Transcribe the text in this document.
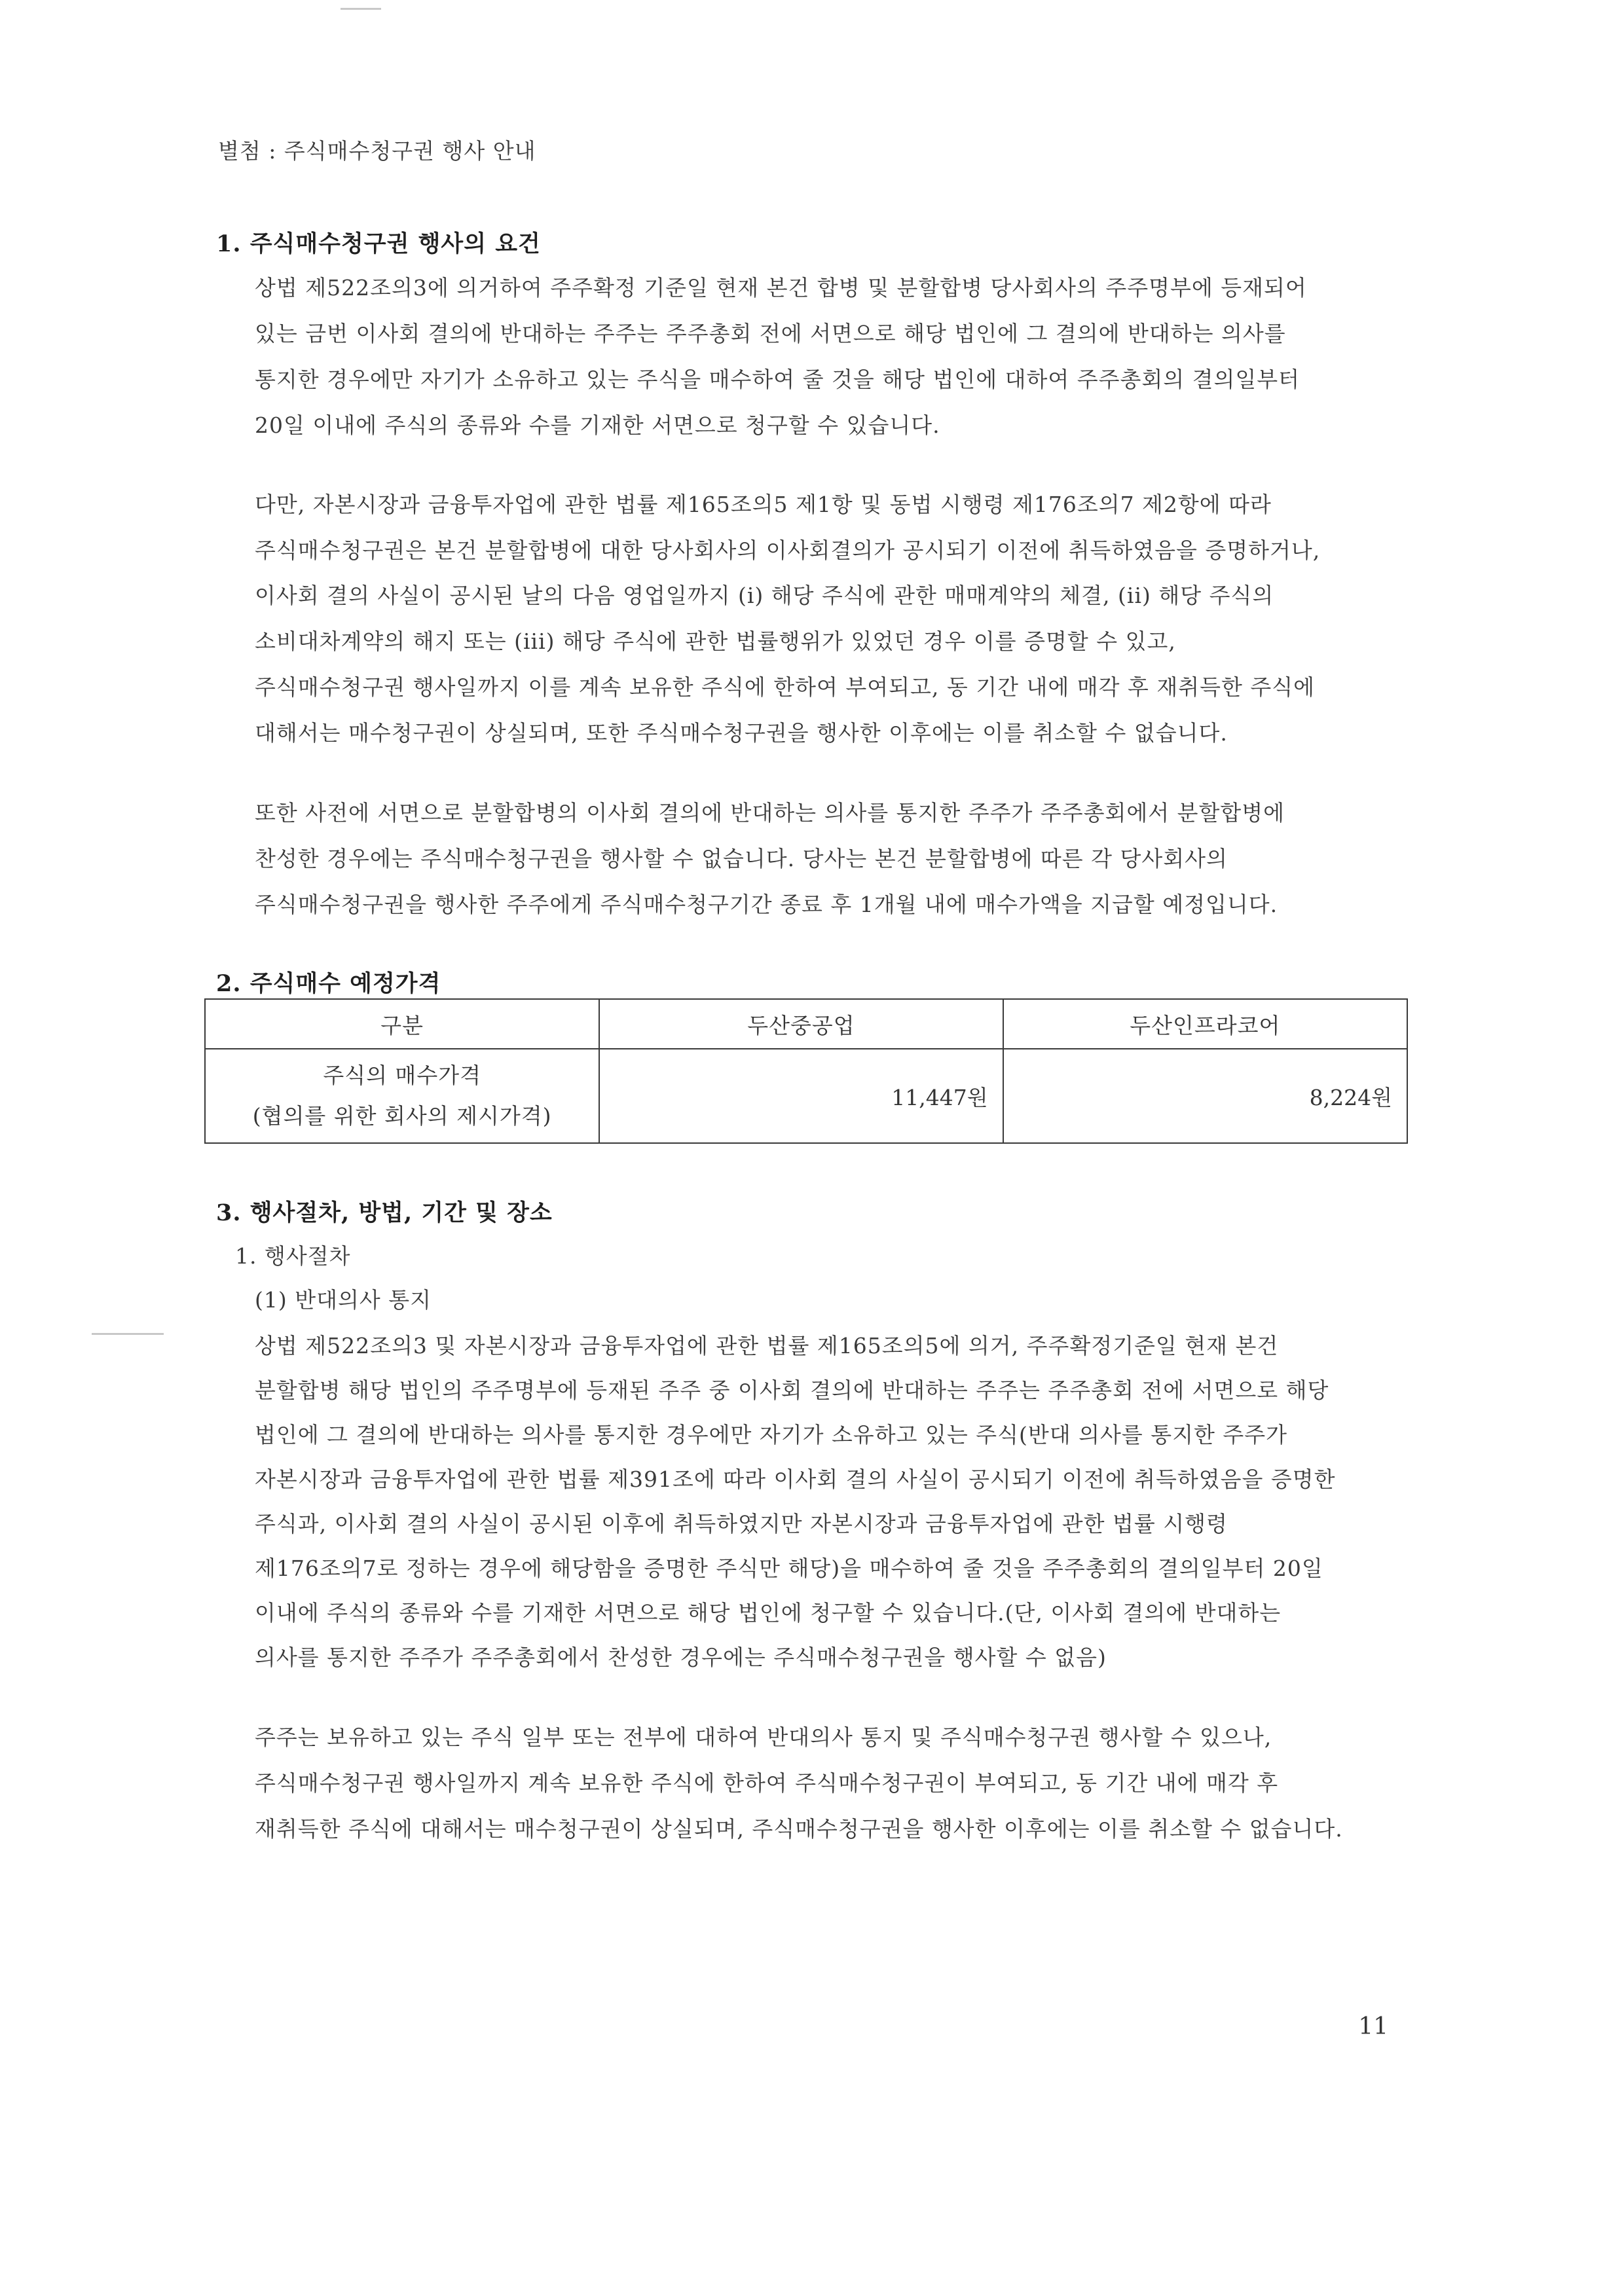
별첨 : 주식매수청구권 행사 안내
1. 주식매수청구권 행사의 요건
상법 제522조의3에 의거하여 주주확정 기준일 현재 본건 합병 및 분할합병 당사회사의 주주명부에 등재되어
있는 금번 이사회 결의에 반대하는 주주는 주주총회 전에 서면으로 해당 법인에 그 결의에 반대하는 의사를
통지한 경우에만 자기가 소유하고 있는 주식을 매수하여 줄 것을 해당 법인에 대하여 주주총회의 결의일부터
20일 이내에 주식의 종류와 수를 기재한 서면으로 청구할 수 있습니다.
다만, 자본시장과 금융투자업에 관한 법률 제165조의5 제1항 및 동법 시행령 제176조의7 제2항에 따라
주식매수청구권은 본건 분할합병에 대한 당사회사의 이사회결의가 공시되기 이전에 취득하였음을 증명하거나,
이사회 결의 사실이 공시된 날의 다음 영업일까지 (i) 해당 주식에 관한 매매계약의 체결, (ii) 해당 주식의
소비대차계약의 해지 또는 (iii) 해당 주식에 관한 법률행위가 있었던 경우 이를 증명할 수 있고,
주식매수청구권 행사일까지 이를 계속 보유한 주식에 한하여 부여되고, 동 기간 내에 매각 후 재취득한 주식에
대해서는 매수청구권이 상실되며, 또한 주식매수청구권을 행사한 이후에는 이를 취소할 수 없습니다.
또한 사전에 서면으로 분할합병의 이사회 결의에 반대하는 의사를 통지한 주주가 주주총회에서 분할합병에
찬성한 경우에는 주식매수청구권을 행사할 수 없습니다. 당사는 본건 분할합병에 따른 각 당사회사의
주식매수청구권을 행사한 주주에게 주식매수청구기간 종료 후 1개월 내에 매수가액을 지급할 예정입니다.
2. 주식매수 예정가격
구분	두산중공업	두산인프라코어

주식의 매수가격
(협의를 위한 회사의 제시가격)	11,447원	8,224원
3. 행사절차, 방법, 기간 및 장소
1. 행사절차
(1) 반대의사 통지
상법 제522조의3 및 자본시장과 금융투자업에 관한 법률 제165조의5에 의거, 주주확정기준일 현재 본건
분할합병 해당 법인의 주주명부에 등재된 주주 중 이사회 결의에 반대하는 주주는 주주총회 전에 서면으로 해당
법인에 그 결의에 반대하는 의사를 통지한 경우에만 자기가 소유하고 있는 주식(반대 의사를 통지한 주주가
자본시장과 금융투자업에 관한 법률 제391조에 따라 이사회 결의 사실이 공시되기 이전에 취득하였음을 증명한
주식과, 이사회 결의 사실이 공시된 이후에 취득하였지만 자본시장과 금융투자업에 관한 법률 시행령
제176조의7로 정하는 경우에 해당함을 증명한 주식만 해당)을 매수하여 줄 것을 주주총회의 결의일부터 20일
이내에 주식의 종류와 수를 기재한 서면으로 해당 법인에 청구할 수 있습니다.(단, 이사회 결의에 반대하는
의사를 통지한 주주가 주주총회에서 찬성한 경우에는 주식매수청구권을 행사할 수 없음)
주주는 보유하고 있는 주식 일부 또는 전부에 대하여 반대의사 통지 및 주식매수청구권 행사할 수 있으나,
주식매수청구권 행사일까지 계속 보유한 주식에 한하여 주식매수청구권이 부여되고, 동 기간 내에 매각 후
재취득한 주식에 대해서는 매수청구권이 상실되며, 주식매수청구권을 행사한 이후에는 이를 취소할 수 없습니다.
11
